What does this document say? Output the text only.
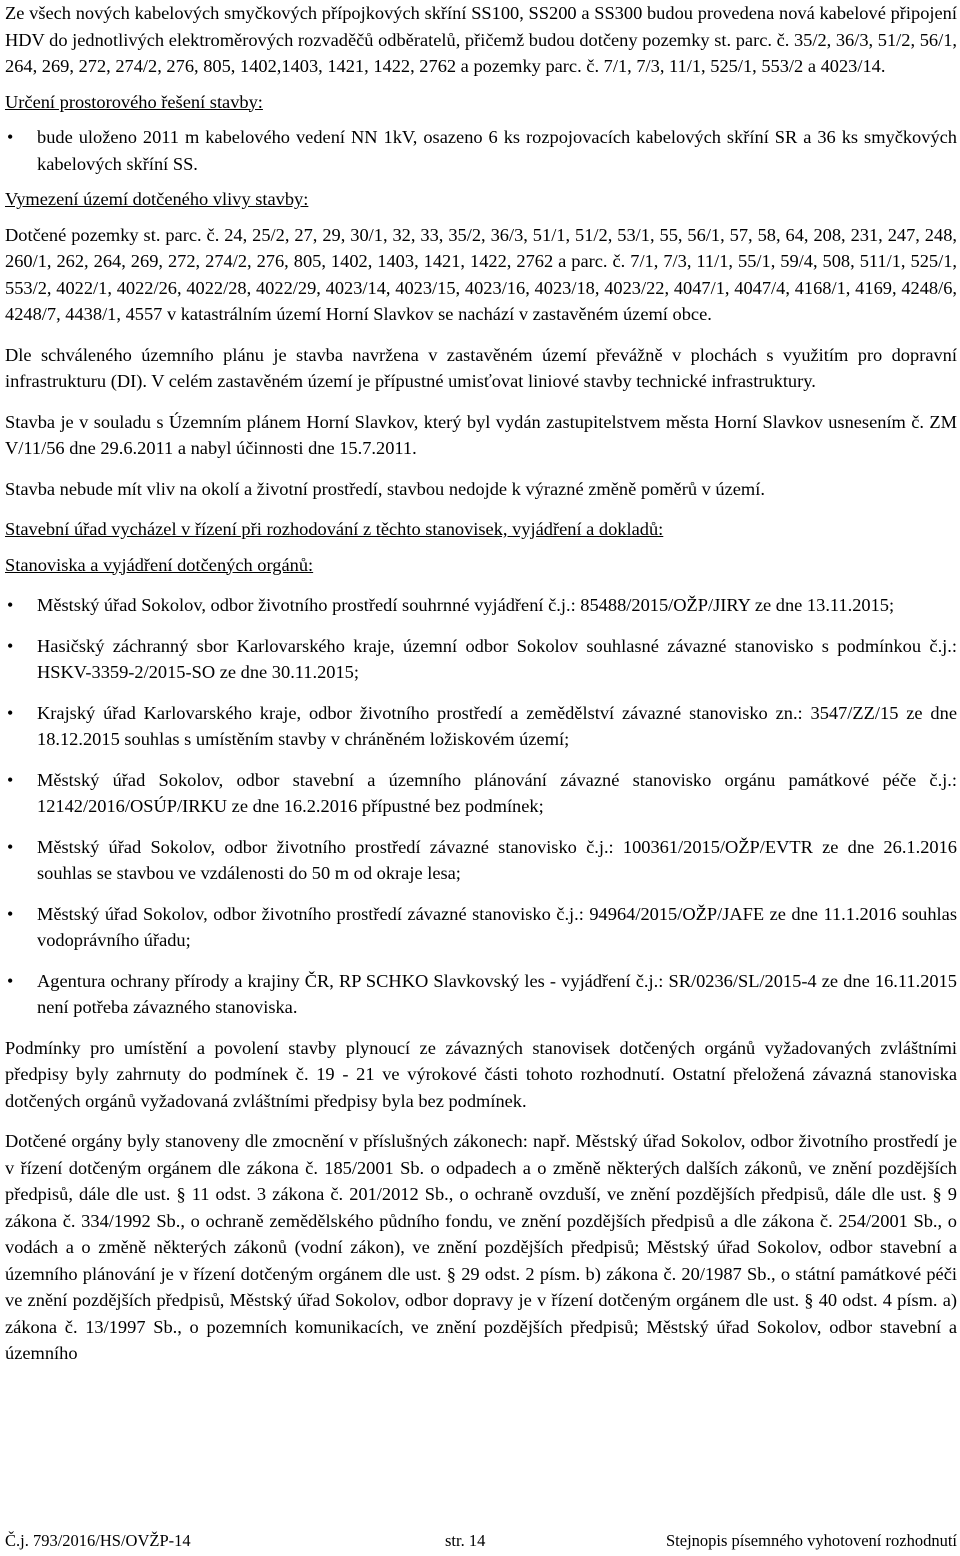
Ze všech nových kabelových smyčkových přípojkových skříní SS100, SS200 a SS300 budou provedena nová kabelové připojení HDV do jednotlivých elektroměrových rozvaděčů odběratelů, přičemž budou dotčeny pozemky st. parc. č. 35/2, 36/3, 51/2, 56/1, 264, 269, 272, 274/2, 276, 805, 1402,1403, 1421, 1422, 2762 a pozemky parc. č. 7/1, 7/3, 11/1, 525/1, 553/2 a 4023/14.

Určení prostorového řešení stavby:

• bude uloženo 2011 m kabelového vedení NN 1kV, osazeno 6 ks rozpojovacích kabelových skříní SR a 36 ks smyčkových kabelových skříní SS.

Vymezení území dotčeného vlivy stavby:

Dotčené pozemky st. parc. č. 24, 25/2, 27, 29, 30/1, 32, 33, 35/2, 36/3, 51/1, 51/2, 53/1, 55, 56/1, 57, 58, 64, 208, 231, 247, 248, 260/1, 262, 264, 269, 272, 274/2, 276, 805, 1402, 1403, 1421, 1422, 2762 a parc. č. 7/1, 7/3, 11/1, 55/1, 59/4, 508, 511/1, 525/1, 553/2, 4022/1, 4022/26, 4022/28, 4022/29, 4023/14, 4023/15, 4023/16, 4023/18, 4023/22, 4047/1, 4047/4, 4168/1, 4169, 4248/6, 4248/7, 4438/1, 4557 v katastrálním území Horní Slavkov se nachází v zastavěném území obce.

Dle schváleného územního plánu je stavba navržena v zastavěném území převážně v plochách s využitím pro dopravní infrastrukturu (DI). V celém zastavěném území je přípustné umisťovat liniové stavby technické infrastruktury.

Stavba je v souladu s Územním plánem Horní Slavkov, který byl vydán zastupitelstvem města Horní Slavkov usnesením č. ZM V/11/56 dne 29.6.2011 a nabyl účinnosti dne 15.7.2011.

Stavba nebude mít vliv na okolí a životní prostředí, stavbou nedojde k výrazné změně poměrů v území.

Stavební úřad vycházel v řízení při rozhodování z těchto stanovisek, vyjádření a dokladů:

Stanoviska a vyjádření dotčených orgánů:

• Městský úřad Sokolov, odbor životního prostředí souhrnné vyjádření č.j.: 85488/2015/OŽP/JIRY ze dne 13.11.2015;
• Hasičský záchranný sbor Karlovarského kraje, územní odbor Sokolov souhlasné závazné stanovisko s podmínkou č.j.: HSKV-3359-2/2015-SO ze dne 30.11.2015;
• Krajský úřad Karlovarského kraje, odbor životního prostředí a zemědělství závazné stanovisko zn.: 3547/ZZ/15 ze dne 18.12.2015 souhlas s umístěním stavby v chráněném ložiskovém území;
• Městský úřad Sokolov, odbor stavební a územního plánování závazné stanovisko orgánu památkové péče č.j.: 12142/2016/OSÚP/IRKU ze dne 16.2.2016 přípustné bez podmínek;
• Městský úřad Sokolov, odbor životního prostředí závazné stanovisko č.j.: 100361/2015/OŽP/EVTR ze dne 26.1.2016 souhlas se stavbou ve vzdálenosti do 50 m od okraje lesa;
• Městský úřad Sokolov, odbor životního prostředí závazné stanovisko č.j.: 94964/2015/OŽP/JAFE ze dne 11.1.2016 souhlas vodoprávního úřadu;
• Agentura ochrany přírody a krajiny ČR, RP SCHKO Slavkovský les - vyjádření č.j.: SR/0236/SL/2015-4 ze dne 16.11.2015 není potřeba závazného stanoviska.

Podmínky pro umístění a povolení stavby plynoucí ze závazných stanovisek dotčených orgánů vyžadovaných zvláštními předpisy byly zahrnuty do podmínek č. 19 - 21 ve výrokové části tohoto rozhodnutí. Ostatní přeložená závazná stanoviska dotčených orgánů vyžadovaná zvláštními předpisy byla bez podmínek.

Dotčené orgány byly stanoveny dle zmocnění v příslušných zákonech: např. Městský úřad Sokolov, odbor životního prostředí je v řízení dotčeným orgánem dle zákona č. 185/2001 Sb. o odpadech a o změně některých dalších zákonů, ve znění pozdějších předpisů, dále dle ust. § 11 odst. 3 zákona č. 201/2012 Sb., o ochraně ovzduší, ve znění pozdějších předpisů, dále dle ust. § 9 zákona č. 334/1992 Sb., o ochraně zemědělského půdního fondu, ve znění pozdějších předpisů a dle zákona č. 254/2001 Sb., o vodách a o změně některých zákonů (vodní zákon), ve znění pozdějších předpisů; Městský úřad Sokolov, odbor stavební a územního plánování je v řízení dotčeným orgánem dle ust. § 29 odst. 2 písm. b) zákona č. 20/1987 Sb., o státní památkové péči ve znění pozdějších předpisů, Městský úřad Sokolov, odbor dopravy je v řízení dotčeným orgánem dle ust. § 40 odst. 4 písm. a) zákona č. 13/1997 Sb., o pozemních komunikacích, ve znění pozdějších předpisů; Městský úřad Sokolov, odbor stavební a územního

Č.j. 793/2016/HS/OVŽP-14	str. 14	Stejnopis písemného vyhotovení rozhodnutí
